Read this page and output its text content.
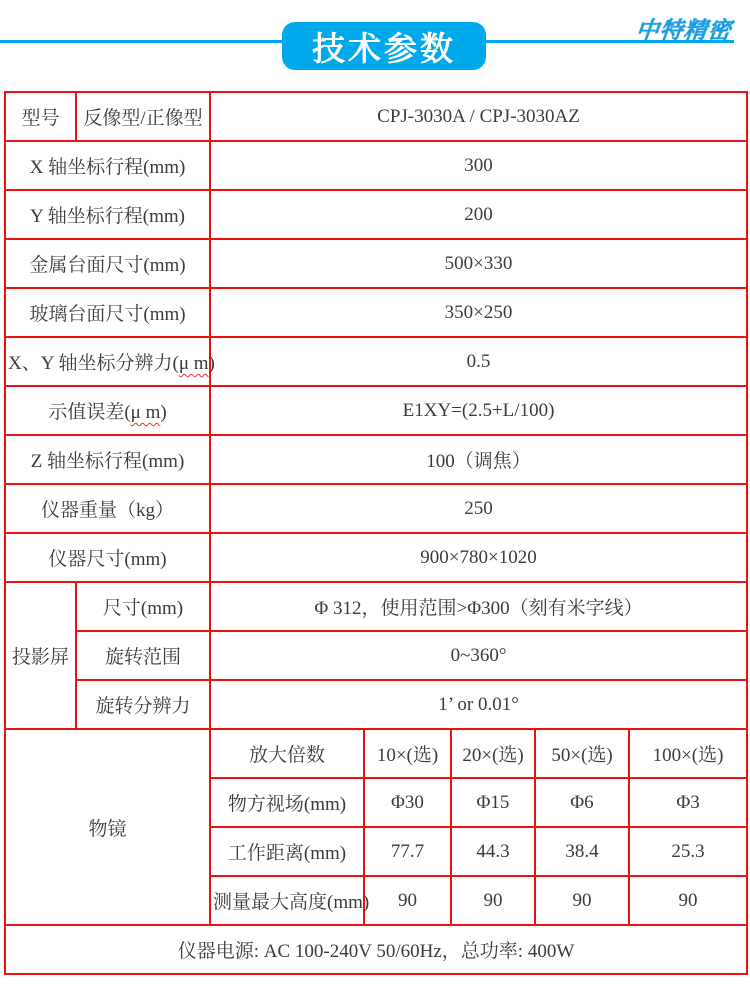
技术参数	中特精密
型号	反像型/正像型	CPJ-3030A / CPJ-3030AZ				
X 轴坐标行程(mm)		300				
Y 轴坐标行程(mm)		200				
金属台面尺寸(mm)		500×330				
玻璃台面尺寸(mm)		350×250				
X、Y 轴坐标分辨力(μ m)		0.5				
示值误差(μ m)		E1XY=(2.5+L/100)				
Z 轴坐标行程(mm)		100（调焦）				
仪器重量（kg）		250				
仪器尺寸(mm)		900×780×1020				
投影屏	尺寸(mm)	Φ 312，使用范围>Φ300（刻有米字线）				
	旋转范围	0~360°				
	旋转分辨力	1’ or 0.01°				
物镜		放大倍数	10×(选)	20×(选)	50×(选)	100×(选)
		物方视场(mm)	Φ30	Φ15	Φ6	Φ3
		工作距离(mm)	77.7	44.3	38.4	25.3
		测量最大高度(mm)	90	90	90	90
仪器电源: AC 100-240V 50/60Hz，总功率: 400W						
